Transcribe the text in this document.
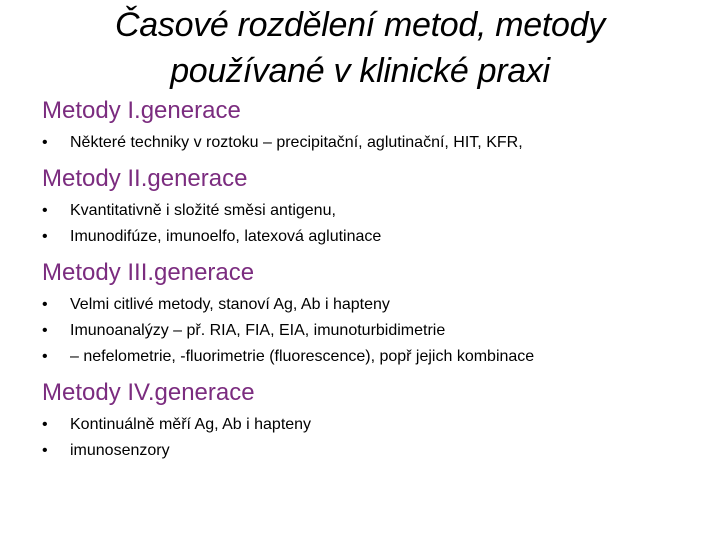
Časové rozdělení metod, metody
používané v klinické praxi
Metody I.generace
•	Některé techniky v roztoku – precipitační, aglutinační, HIT, KFR,
Metody II.generace
•	Kvantitativně i složité směsi antigenu,
•	Imunodifúze, imunoelfo, latexová aglutinace
Metody III.generace
•	Velmi citlivé metody, stanoví Ag, Ab i hapteny
•	Imunoanalýzy – př. RIA, FIA, EIA, imunoturbidimetrie
•	– nefelometrie, -fluorimetrie (fluorescence), popř jejich kombinace
Metody IV.generace
•	Kontinuálně měří Ag, Ab i hapteny
•	imunosenzory
